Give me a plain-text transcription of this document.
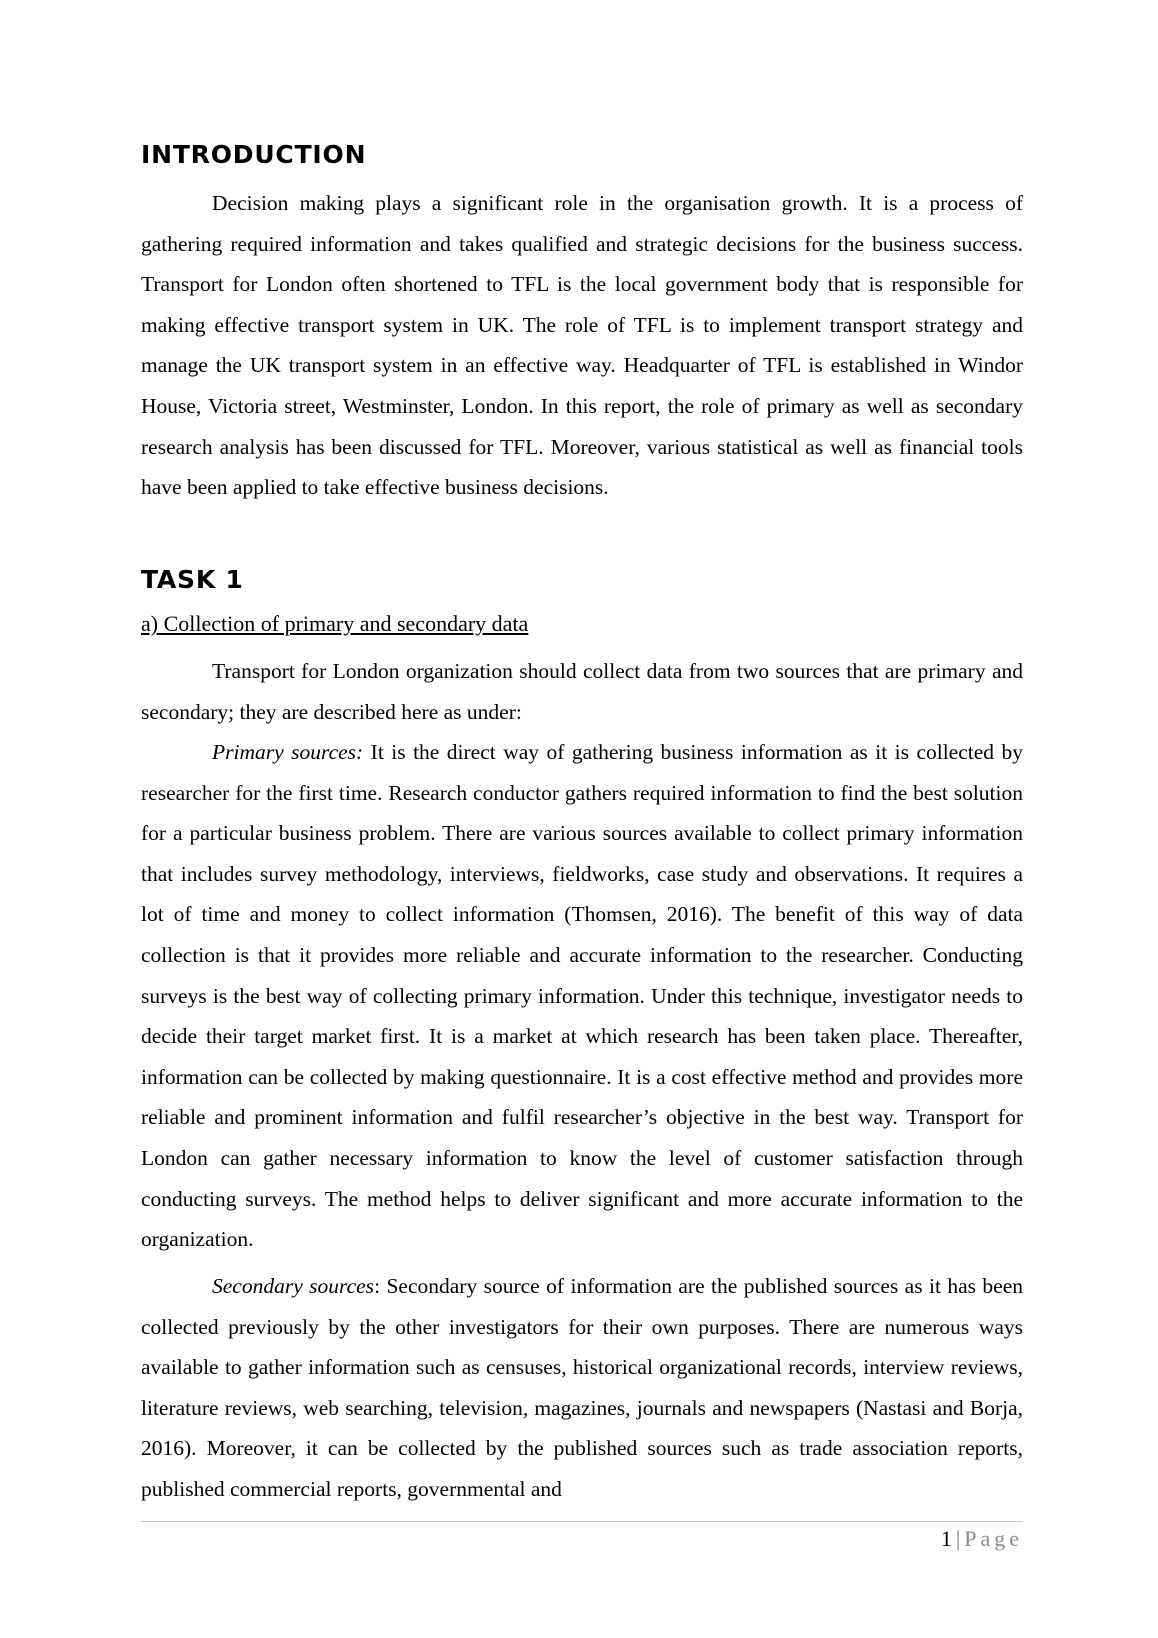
INTRODUCTION

Decision making plays a significant role in the organisation growth. It is a process of gathering required information and takes qualified and strategic decisions for the business success. Transport for London often shortened to TFL is the local government body that is responsible for making effective transport system in UK. The role of TFL is to implement transport strategy and manage the UK transport system in an effective way. Headquarter of TFL is established in Windor House, Victoria street, Westminster, London. In this report, the role of primary as well as secondary research analysis has been discussed for TFL. Moreover, various statistical as well as financial tools have been applied to take effective business decisions.

TASK 1

a) Collection of primary and secondary data

Transport for London organization should collect data from two sources that are primary and secondary; they are described here as under:

Primary sources: It is the direct way of gathering business information as it is collected by researcher for the first time. Research conductor gathers required information to find the best solution for a particular business problem. There are various sources available to collect primary information that includes survey methodology, interviews, fieldworks, case study and observations. It requires a lot of time and money to collect information (Thomsen, 2016). The benefit of this way of data collection is that it provides more reliable and accurate information to the researcher. Conducting surveys is the best way of collecting primary information. Under this technique, investigator needs to decide their target market first. It is a market at which research has been taken place. Thereafter, information can be collected by making questionnaire. It is a cost effective method and provides more reliable and prominent information and fulfil researcher’s objective in the best way. Transport for London can gather necessary information to know the level of customer satisfaction through conducting surveys. The method helps to deliver significant and more accurate information to the organization.

Secondary sources: Secondary source of information are the published sources as it has been collected previously by the other investigators for their own purposes. There are numerous ways available to gather information such as censuses, historical organizational records, interview reviews, literature reviews, web searching, television, magazines, journals and newspapers (Nastasi and Borja, 2016). Moreover, it can be collected by the published sources such as trade association reports, published commercial reports, governmental and

1 | Page
